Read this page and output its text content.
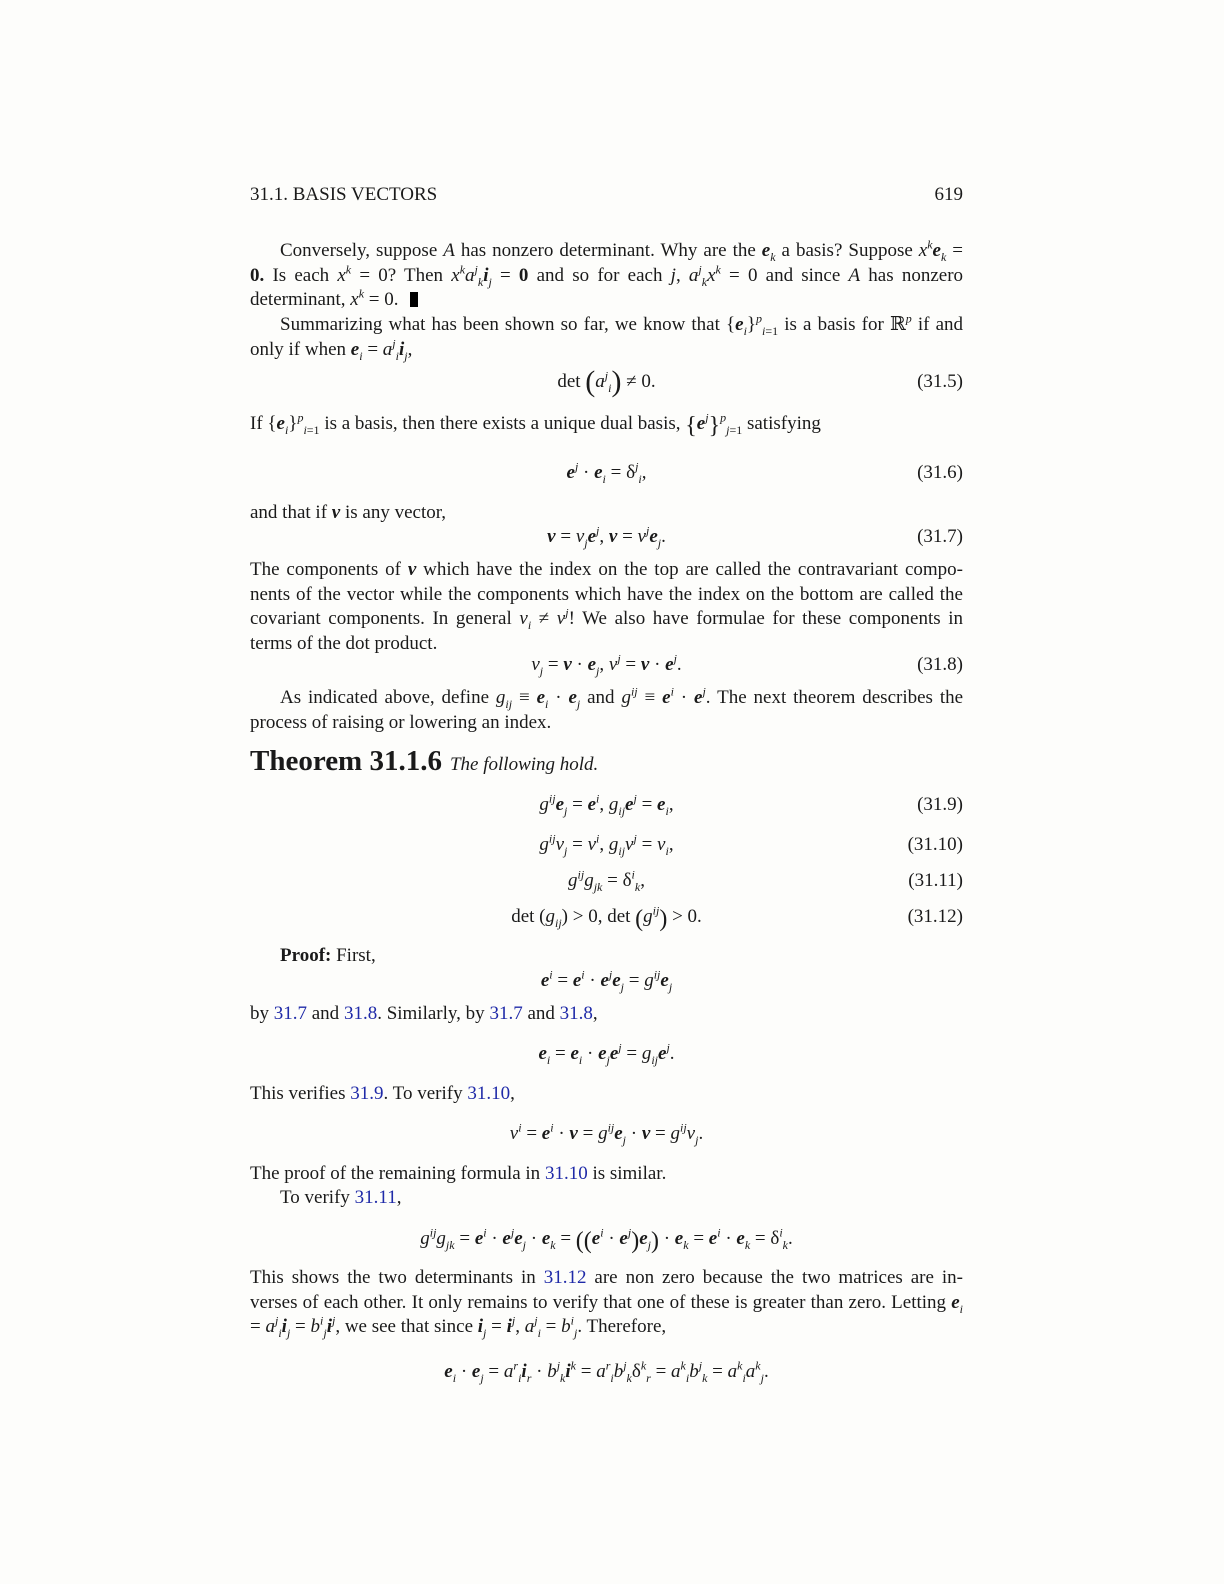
31.1. BASIS VECTORS	619
Conversely, suppose A has nonzero determinant. Why are the $e_k$ a basis? Suppose $x^ke_k = 0$. Is each $x^k = 0$? Then $x^ka^j_ki_j = 0$ and so for each j, $a^j_kx^k = 0$ and since A has nonzero determinant, $x^k = 0$.
Summarizing what has been shown so far, we know that $\{e_i\}^p_{i=1}$ is a basis for ℝ$^p$ if and only if when $e_i = a^j_ii_j$,
$\det (a^j_i) \ne 0$.	(31.5)
If $\{e_i\}^p_{i=1}$ is a basis, then there exists a unique dual basis, $\{e^j\}^p_{j=1}$ satisfying
$e^j \cdot e_i = \delta^j_i$,	(31.6)
and that if v is any vector,
$v = v_je^j$, $v = v^je_j$.	(31.7)
The components of v which have the index on the top are called the contravariant compo- nents of the vector while the components which have the index on the bottom are called the covariant components. In general $v_i \ne v^j$! We also have formulae for these components in terms of the dot product.
$v_j = v \cdot e_j$, $v^j = v \cdot e^j$.	(31.8)
As indicated above, define $g_{ij} \equiv e_i \cdot e_j$ and $g^{ij} \equiv e^i \cdot e^j$. The next theorem describes the process of raising or lowering an index.
Theorem 31.1.6 The following hold.
$g^{ij}e_j = e^i$, $g_{ij}e^j = e_i$,	(31.9)
$g^{ij}v_j = v^i$, $g_{ij}v^j = v_i$,	(31.10)
$g^{ij}g_{jk} = \delta^i_k$,	(31.11)
$\det (g_{ij}) > 0$, $\det (g^{ij}) > 0$.	(31.12)
Proof: First,
$e^i = e^i \cdot e^je_j = g^{ij}e_j$
by 31.7 and 31.8. Similarly, by 31.7 and 31.8,
$e_i = e_i \cdot e_je^j = g_{ij}e^j$.
This verifies 31.9. To verify 31.10,
$v^i = e^i \cdot v = g^{ij}e_j \cdot v = g^{ij}v_j$.
The proof of the remaining formula in 31.10 is similar.
To verify 31.11,
$g^{ij}g_{jk} = e^i \cdot e^je_j \cdot e_k = ((e^i \cdot e^j)e_j) \cdot e_k = e^i \cdot e_k = \delta^i_k$.
This shows the two determinants in 31.12 are non zero because the two matrices are in- verses of each other. It only remains to verify that one of these is greater than zero. Letting $e_i = a^j_ii_j = b^i_ji^j$, we see that since $i_j = i^j$, $a^j_i = b^i_j$. Therefore,
$e_i \cdot e_j = a^r_ii_r \cdot b^j_ki^k = a^r_ib^j_k\delta^k_r = a^k_ib^j_k = a^k_ia^k_j$.
